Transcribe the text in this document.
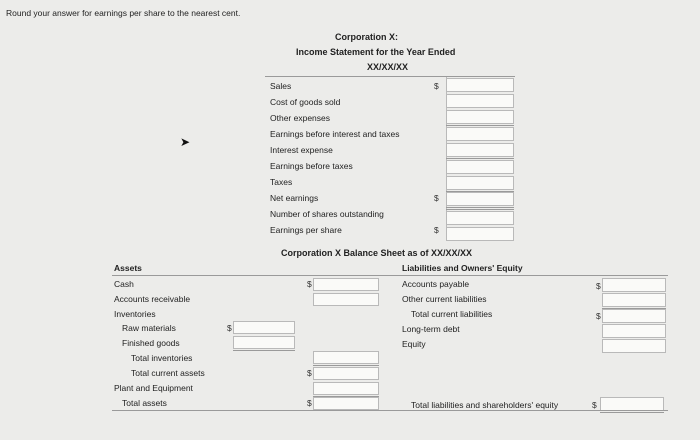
Round your answer for earnings per share to the nearest cent.
Corporation X:
Income Statement for the Year Ended
XX/XX/XX
➤
Sales	$
Cost of goods sold
Other expenses
Earnings before interest and taxes
Interest expense
Earnings before taxes
Taxes
Net earnings	$
Number of shares outstanding
Earnings per share	$
Corporation X Balance Sheet as of XX/XX/XX
Assets	Liabilities and Owners' Equity
Cash	$
Accounts receivable
Inventories
Raw materials	$
Finished goods
Total inventories
Total current assets	$
Plant and Equipment
Total assets	$
Accounts payable	$
Other current liabilities
Total current liabilities	$
Long-term debt
Equity
Total liabilities and shareholders' equity	$
